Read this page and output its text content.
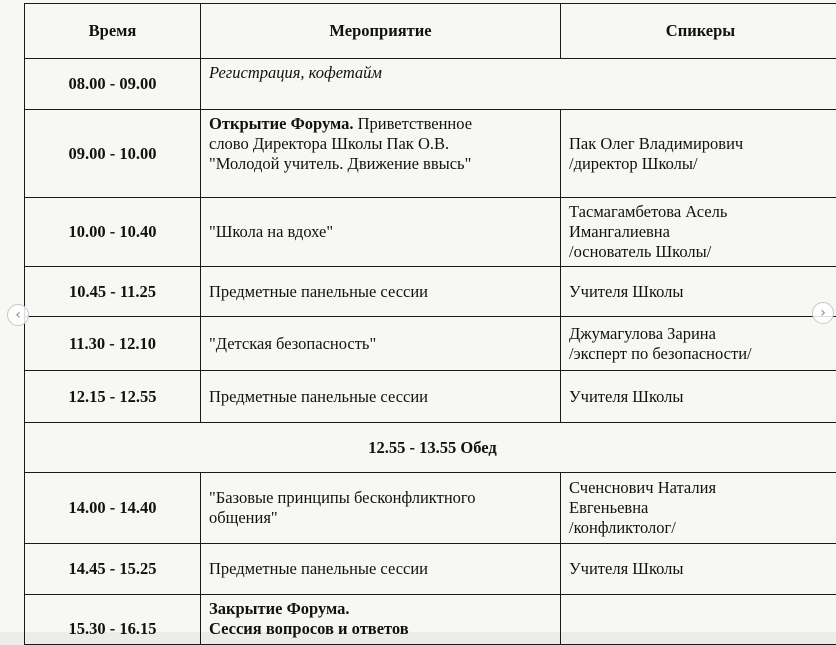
Время	Мероприятие	Спикеры
08.00 - 09.00	Регистрация, кофетайм	

09.00 - 10.00	Открытие Форума. Приветственное
слово Директора Школы Пак О.В.
"Молодой учитель. Движение ввысь"	Пак Олег Владимирович
/директор Школы/

10.00 - 10.40	"Школа на вдохе"	Тасмагамбетова Асель
Имангалиевна
/основатель Школы/

10.45 - 11.25	Предметные панельные сессии	Учителя Школы

11.30 - 12.10	"Детская безопасность"	Джумагулова Зарина
/эксперт по безопасности/

12.15 - 12.55	Предметные панельные сессии	Учителя Школы

12.55 - 13.55 Обед		
14.00 - 14.40	"Базовые принципы бесконфликтного
общения"	Сченснович Наталия
Евгеньевна
/конфликтолог/

14.45 - 15.25	Предметные панельные сессии	Учителя Школы

15.30 - 16.15	Закрытие Форума.
Сессия вопросов и ответов	

‹	›
